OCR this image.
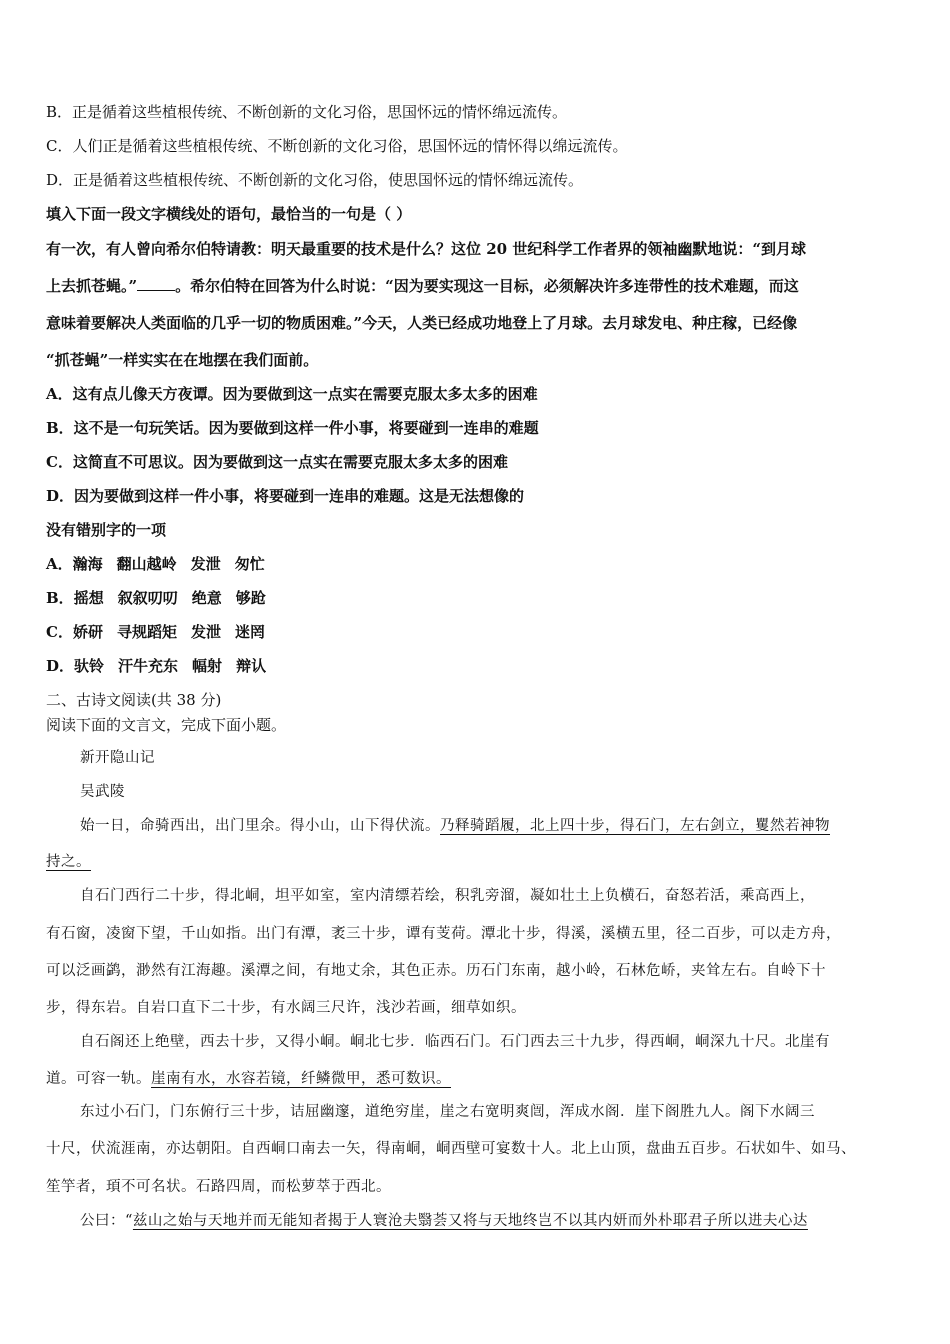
B．正是循着这些植根传统、不断创新的文化习俗，思国怀远的情怀绵远流传。
C．人们正是循着这些植根传统、不断创新的文化习俗，思国怀远的情怀得以绵远流传。
D．正是循着这些植根传统、不断创新的文化习俗，使思国怀远的情怀绵远流传。
填入下面一段文字横线处的语句，最恰当的一句是（ ）
有一次，有人曾向希尔伯特请教：明天最重要的技术是什么？这位 20 世纪科学工作者界的领袖幽默地说：“到月球
上去抓苍蝇。”	。希尔伯特在回答为什么时说：“因为要实现这一目标，必须解决许多连带性的技术难题，而这
意味着要解决人类面临的几乎一切的物质困难。”今天，人类已经成功地登上了月球。去月球发电、种庄稼，已经像
“抓苍蝇”一样实实在在地摆在我们面前。
A．这有点儿像天方夜谭。因为要做到这一点实在需要克服太多太多的困难
B．这不是一句玩笑话。因为要做到这样一件小事，将要碰到一连串的难题
C．这简直不可思议。因为要做到这一点实在需要克服太多太多的困难
D．因为要做到这样一件小事，将要碰到一连串的难题。这是无法想像的
没有错别字的一项
A．瀚海 翻山越岭 发泄 匆忙
B．摇想 叙叙叨叨 绝意 够跄
C．娇研 寻规蹈矩 发泄 迷罔
D．驮铃 汗牛充东 幅射 辩认
二、古诗文阅读(共 38 分)
阅读下面的文言文，完成下面小题。
新开隐山记
吴武陵
始一日，命骑西出，出门里余。得小山，山下得伏流。乃释骑蹈履，北上四十步，得石门，左右剑立，矍然若神物
持之。
自石门西行二十步，得北峒，坦平如室，室内清缥若绘，积乳旁溜，凝如壮土上负横石，奋怒若活，乘高西上，
有石窗，凌窗下望，千山如指。出门有潭，袤三十步，谭有芰荷。潭北十步，得溪，溪横五里，径二百步，可以走方舟，
可以泛画鹢，渺然有江海趣。溪潭之间，有地丈余，其色正赤。历石门东南，越小岭，石林危峤，夹耸左右。自岭下十
步，得东岩。自岩口直下二十步，有水阔三尺许，浅沙若画，细草如织。
自石阁还上绝壁，西去十步，又得小峒。峒北七步．临西石门。石门西去三十九步，得西峒，峒深九十尺。北崖有
道。可容一轨。崖南有水，水容若镜，纤鳞微甲，悉可数识。
东过小石门，门东俯行三十步，诘屈幽邃，道绝穷崖，崖之右宽明爽闿，浑成水阁．崖下阁胜九人。阁下水阔三
十尺，伏流涯南，亦达朝阳。自西峒口南去一矢，得南峒，峒西壁可宴数十人。北上山顶，盘曲五百步。石状如牛、如马、
笙竽者，頊不可名状。石路四周，而松萝萃于西北。
公曰：“兹山之始与天地并而无能知者揭于人寰沧夫翳荟又将与天地终岂不以其内妍而外朴耶君子所以进夫心达
